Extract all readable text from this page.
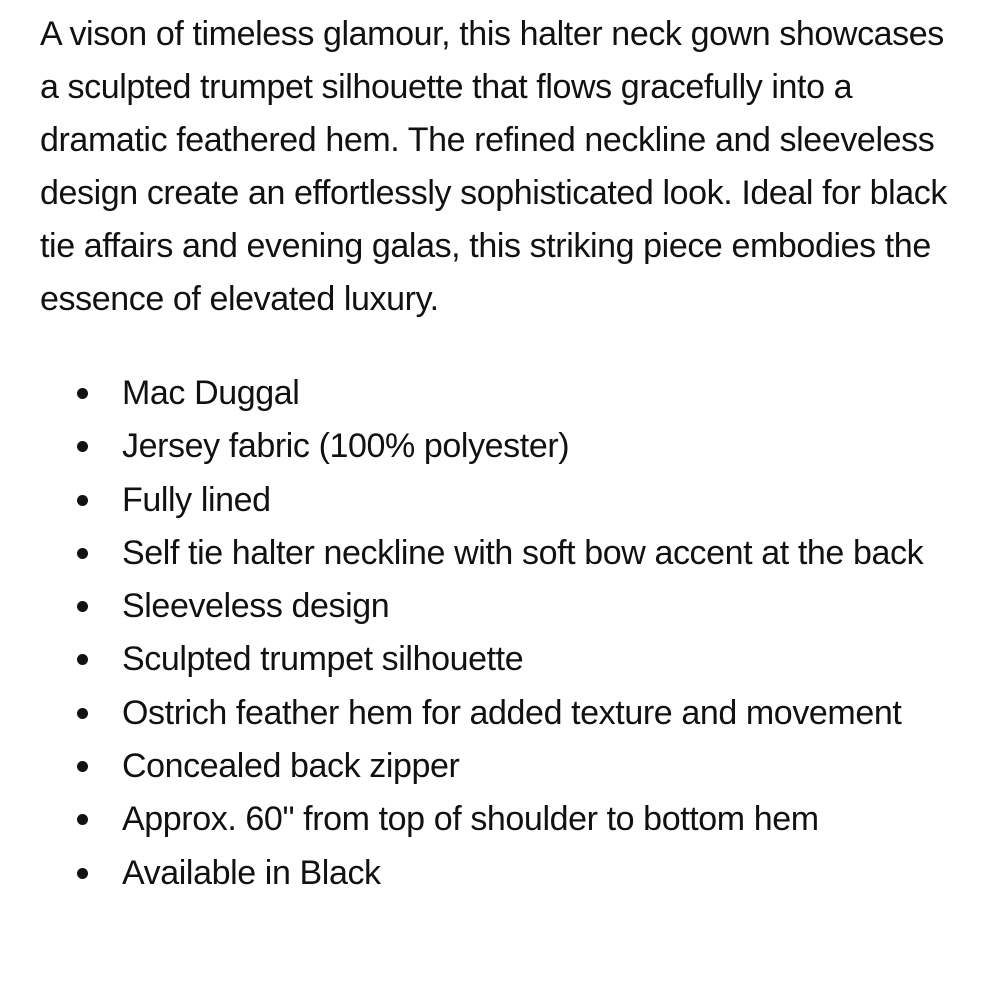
A vison of timeless glamour, this halter neck gown showcases a sculpted trumpet silhouette that flows gracefully into a dramatic feathered hem. The refined neckline and sleeveless design create an effortlessly sophisticated look. Ideal for black tie affairs and evening galas, this striking piece embodies the essence of elevated luxury.

Mac Duggal
Jersey fabric (100% polyester)
Fully lined
Self tie halter neckline with soft bow accent at the back
Sleeveless design
Sculpted trumpet silhouette
Ostrich feather hem for added texture and movement
Concealed back zipper
Approx. 60" from top of shoulder to bottom hem
Available in Black
